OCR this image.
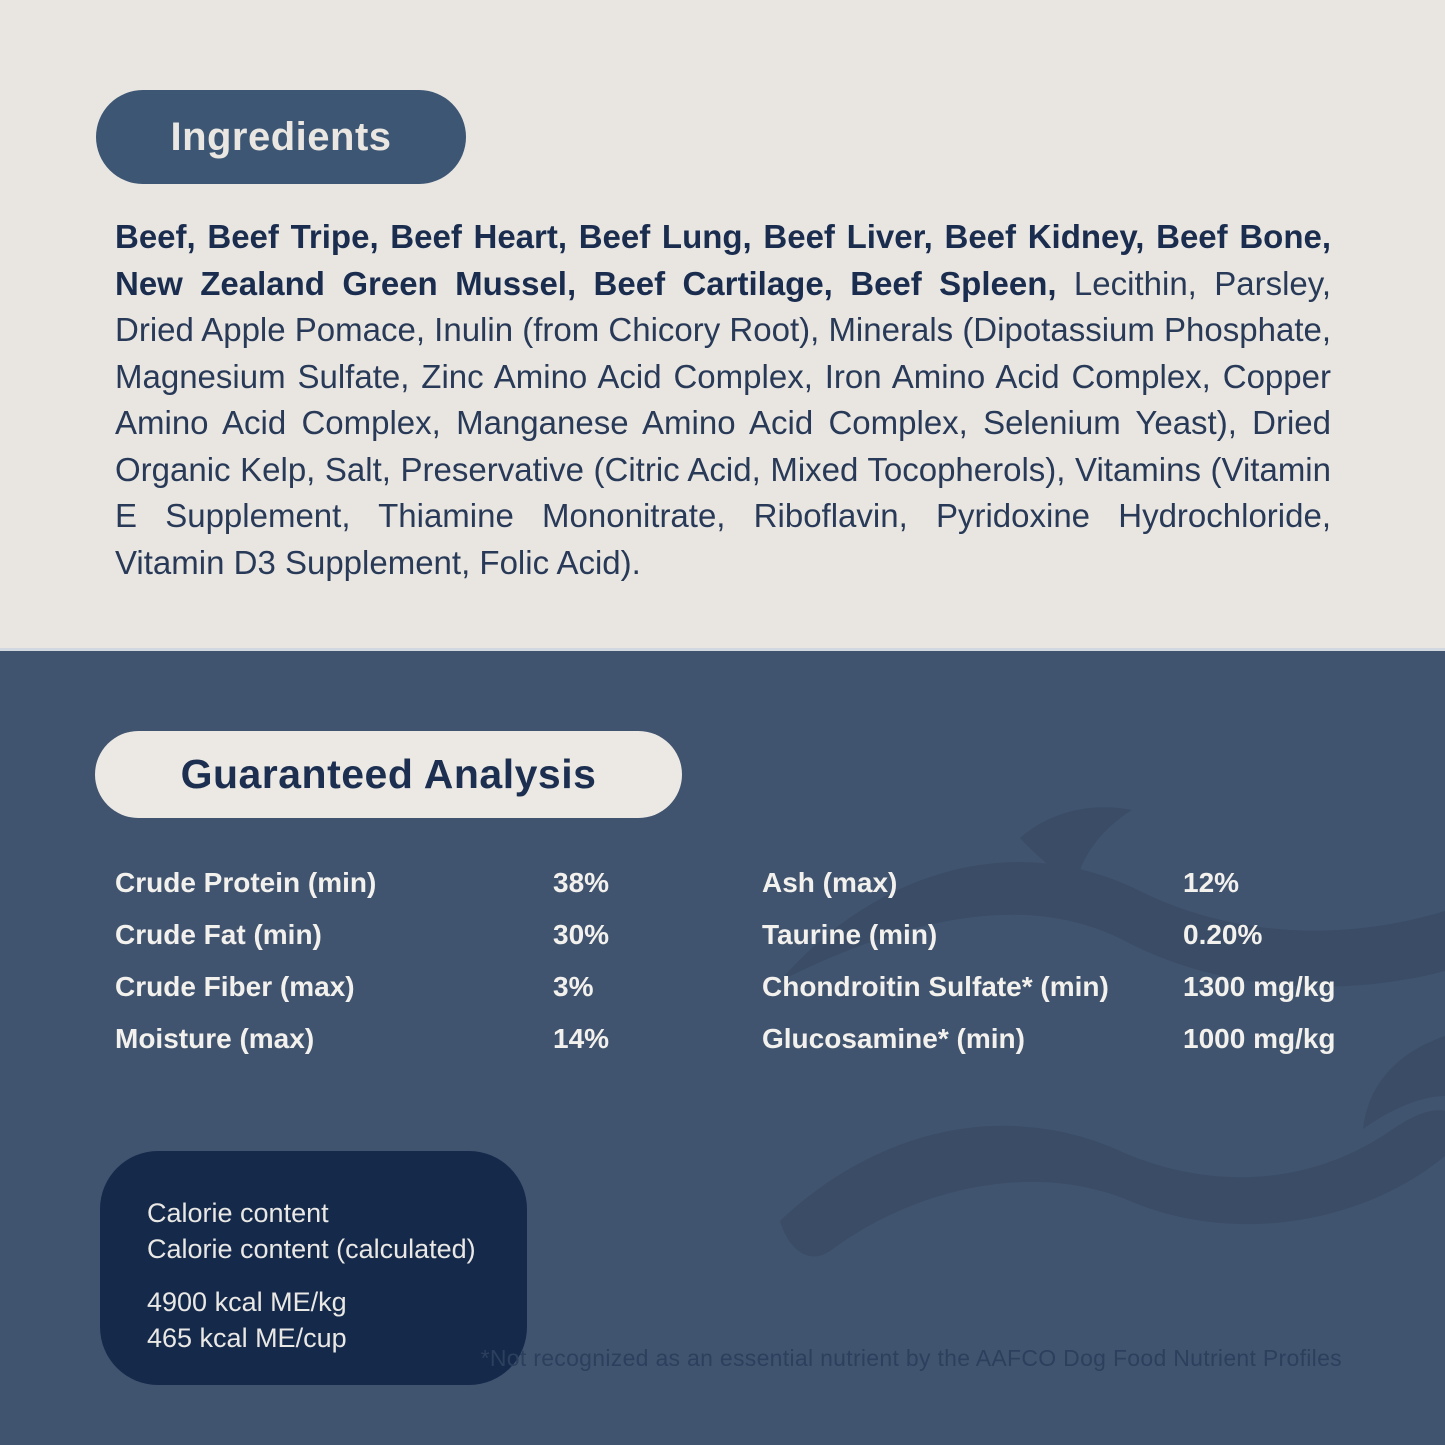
Ingredients

Beef, Beef Tripe, Beef Heart, Beef Lung, Beef Liver, Beef Kidney, Beef Bone, New Zealand Green Mussel, Beef Cartilage, Beef Spleen, Lecithin, Parsley, Dried Apple Pomace, Inulin (from Chicory Root), Minerals (Dipotassium Phosphate, Magnesium Sulfate, Zinc Amino Acid Complex, Iron Amino Acid Complex, Copper Amino Acid Complex, Manganese Amino Acid Complex, Selenium Yeast), Dried Organic Kelp, Salt, Preservative (Citric Acid, Mixed Tocopherols), Vitamins (Vitamin E Supplement, Thiamine Mononitrate, Riboflavin, Pyridoxine Hydrochloride, Vitamin D3 Supplement, Folic Acid).

Guaranteed Analysis
Crude Protein (min)	38%
Crude Fat (min)	30%
Crude Fiber (max)	3%
Moisture (max)	14%
Ash (max)	12%
Taurine (min)	0.20%
Chondroitin Sulfate* (min)	1300 mg/kg
Glucosamine* (min)	1000 mg/kg
Calorie content
Calorie content (calculated)
4900 kcal ME/kg
465 kcal ME/cup
*Not recognized as an essential nutrient by the AAFCO Dog Food Nutrient Profiles
